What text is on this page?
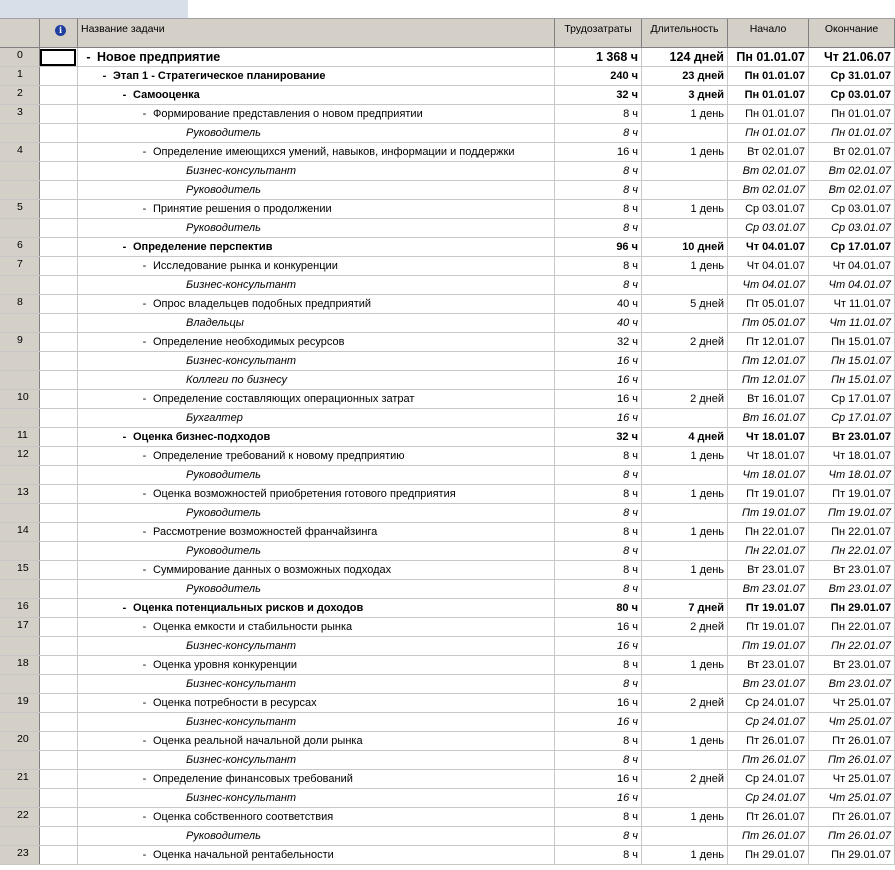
i	Название задачи	Трудозатраты	Длительность	Начало	Окончание
0	- Новое предприятие	1 368 ч	124 дней Пн 01.01.07	Чт 21.06.07
1	- Этап 1 - Стратегическое планирование	240 ч	23 дней	Пн 01.01.07	Ср 31.01.07
2	- Самооценка	32 ч	3 дней	Пн 01.01.07	Ср 03.01.07
3	- Формирование представления о новом предприятии	8 ч	1 день	Пн 01.01.07	Пн 01.01.07
Руководитель	8 ч	Пн 01.01.07	Пн 01.01.07
4	- Определение имеющихся умений, навыков, информации и поддержки	16 ч	1 день	Вт 02.01.07	Вт 02.01.07
Бизнес-консультант	8 ч	Вт 02.01.07	Вт 02.01.07
Руководитель	8 ч	Вт 02.01.07	Вт 02.01.07
5	- Принятие решения о продолжении	8 ч	1 день	Ср 03.01.07	Ср 03.01.07
Руководитель	8 ч	Ср 03.01.07	Ср 03.01.07
6	- Определение перспектив	96 ч	10 дней	Чт 04.01.07	Ср 17.01.07
7	- Исследование рынка и конкуренции	8 ч	1 день	Чт 04.01.07	Чт 04.01.07
Бизнес-консультант	8 ч	Чт 04.01.07	Чт 04.01.07
8	- Опрос владельцев подобных предприятий	40 ч	5 дней	Пт 05.01.07	Чт 11.01.07
Владельцы	40 ч	Пт 05.01.07	Чт 11.01.07
9	- Определение необходимых ресурсов	32 ч	2 дней	Пт 12.01.07	Пн 15.01.07
Бизнес-консультант	16 ч	Пт 12.01.07	Пн 15.01.07
Коллеги по бизнесу	16 ч	Пт 12.01.07	Пн 15.01.07
10	- Определение составляющих операционных затрат	16 ч	2 дней	Вт 16.01.07	Ср 17.01.07
Бухгалтер	16 ч	Вт 16.01.07	Ср 17.01.07
11	- Оценка бизнес-подходов	32 ч	4 дней	Чт 18.01.07	Вт 23.01.07
12	- Определение требований к новому предприятию	8 ч	1 день	Чт 18.01.07	Чт 18.01.07
Руководитель	8 ч	Чт 18.01.07	Чт 18.01.07
13	- Оценка возможностей приобретения готового предприятия	8 ч	1 день	Пт 19.01.07	Пт 19.01.07
Руководитель	8 ч	Пт 19.01.07	Пт 19.01.07
14	- Рассмотрение возможностей франчайзинга	8 ч	1 день	Пн 22.01.07	Пн 22.01.07
Руководитель	8 ч	Пн 22.01.07	Пн 22.01.07
15	- Суммирование данных о возможных подходах	8 ч	1 день	Вт 23.01.07	Вт 23.01.07
Руководитель	8 ч	Вт 23.01.07	Вт 23.01.07
16	- Оценка потенциальных рисков и доходов	80 ч	7 дней	Пт 19.01.07	Пн 29.01.07
17	- Оценка емкости и стабильности рынка	16 ч	2 дней	Пт 19.01.07	Пн 22.01.07
Бизнес-консультант	16 ч	Пт 19.01.07	Пн 22.01.07
18	- Оценка уровня конкуренции	8 ч	1 день	Вт 23.01.07	Вт 23.01.07
Бизнес-консультант	8 ч	Вт 23.01.07	Вт 23.01.07
19	- Оценка потребности в ресурсах	16 ч	2 дней	Ср 24.01.07	Чт 25.01.07
Бизнес-консультант	16 ч	Ср 24.01.07	Чт 25.01.07
20	- Оценка реальной начальной доли рынка	8 ч	1 день	Пт 26.01.07	Пт 26.01.07
Бизнес-консультант	8 ч	Пт 26.01.07	Пт 26.01.07
21	- Определение финансовых требований	16 ч	2 дней	Ср 24.01.07	Чт 25.01.07
Бизнес-консультант	16 ч	Ср 24.01.07	Чт 25.01.07
22	- Оценка собственного соответствия	8 ч	1 день	Пт 26.01.07	Пт 26.01.07
Руководитель	8 ч	Пт 26.01.07	Пт 26.01.07
23	- Оценка начальной рентабельности	8 ч	1 день	Пн 29.01.07	Пн 29.01.07
